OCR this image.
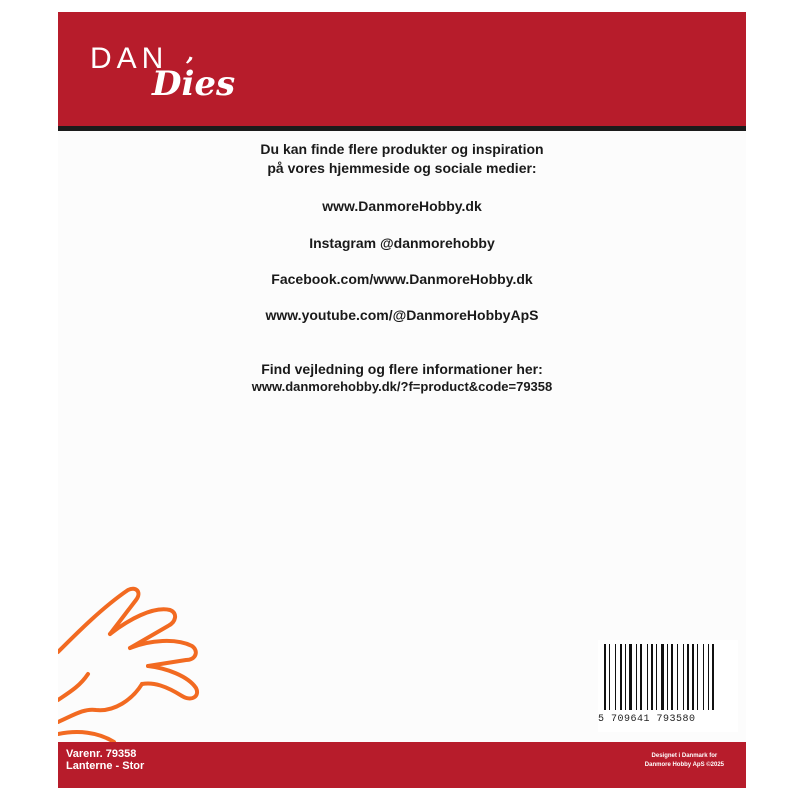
DAN ,
Dies
Du kan finde flere produkter og inspiration
på vores hjemmeside og sociale medier:
www.DanmoreHobby.dk
Instagram @danmorehobby
Facebook.com/www.DanmoreHobby.dk
www.youtube.com/@DanmoreHobbyApS
Find vejledning og flere informationer her:
www.danmorehobby.dk/?f=product&code=79358
5 709641 793580
Varenr. 79358
Lanterne - Stor
Designet i Danmark for
Danmore Hobby ApS ©2025
